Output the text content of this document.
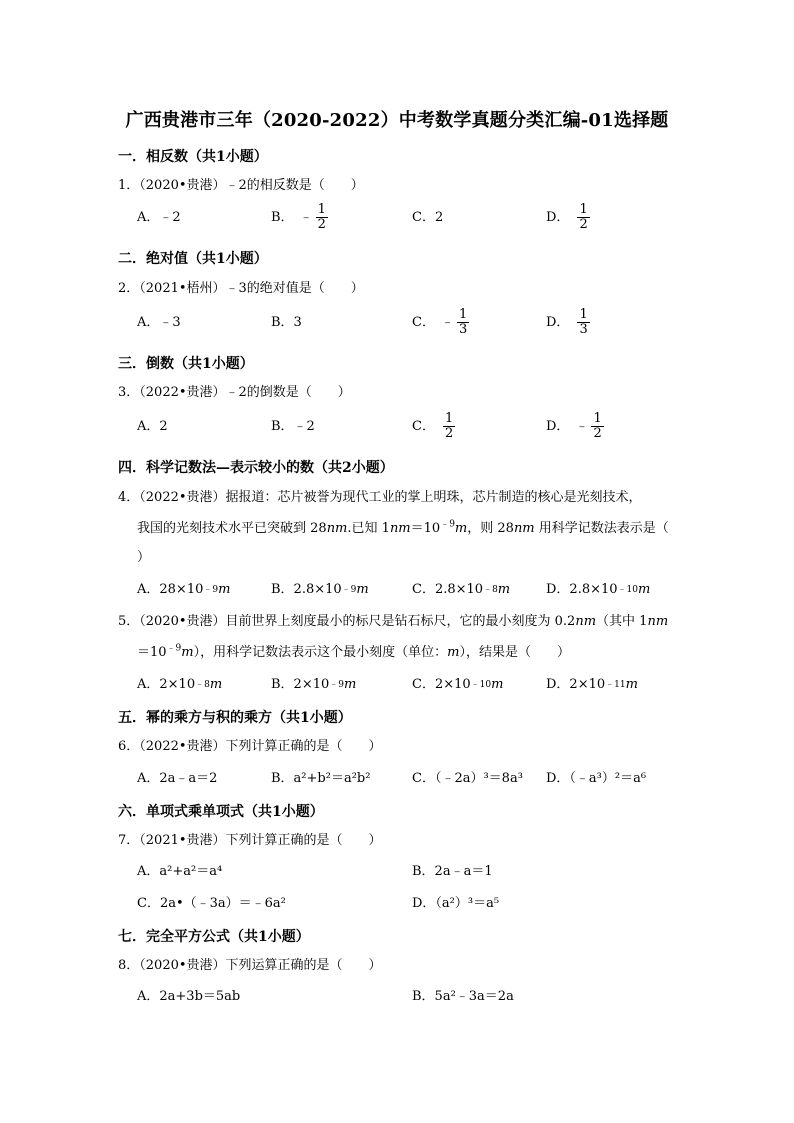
广西贵港市三年（2020-2022）中考数学真题分类汇编-01选择题
一．相反数（共1小题）
1．（2020•贵港）﹣2的相反数是（　　）
A．﹣2	B． ﹣ $\frac{1}{2}$	C．2	D． $\frac{1}{2}$
二．绝对值（共1小题）
2．（2021•梧州）﹣3的绝对值是（　　）
A．﹣3	B．3	C． ﹣ $\frac{1}{3}$	D． $\frac{1}{3}$
三．倒数（共1小题）
3．（2022•贵港）﹣2的倒数是（　　）
A．2	B．﹣2	C． $\frac{1}{2}$	D． ﹣ $\frac{1}{2}$
四．科学记数法—表示较小的数（共2小题）
4．（2022•贵港）据报道：芯片被誉为现代工业的掌上明珠，芯片制造的核心是光刻技术，
我国的光刻技术水平已突破到 28nm.已知 $1nm=10^{﹣9}m$，则 28nm 用科学记数法表示是（
）
A．28×10 ﹣9 m	B．2.8×10 ﹣9 m	C．2.8×10 ﹣8 m	D．2.8×10 ﹣10 m
5．（2020•贵港）目前世界上刻度最小的标尺是钻石标尺，它的最小刻度为 0.2nm（其中 1nm
$=10^{﹣9}m$），用科学记数法表示这个最小刻度（单位：m），结果是（　　）
A．2×10 ﹣8 m	B．2×10 ﹣9 m	C．2×10 ﹣10 m	D．2×10 ﹣11 m
五．幂的乘方与积的乘方（共1小题）
6．（2022•贵港）下列计算正确的是（　　）
A．2a﹣a＝2	B．a²+b²＝a²b²	C．（﹣2a）³＝8a³ D．（﹣a³）²＝a⁶
六．单项式乘单项式（共1小题）
7．（2021•贵港）下列计算正确的是（　　）
A．a²+a²＝a⁴	B．2a﹣a＝1
C．2a•（﹣3a）＝﹣6a²	D．（a²）³＝a⁵
七．完全平方公式（共1小题）
8．（2020•贵港）下列运算正确的是（　　）
A．2a+3b＝5ab	B．5a²﹣3a＝2a
